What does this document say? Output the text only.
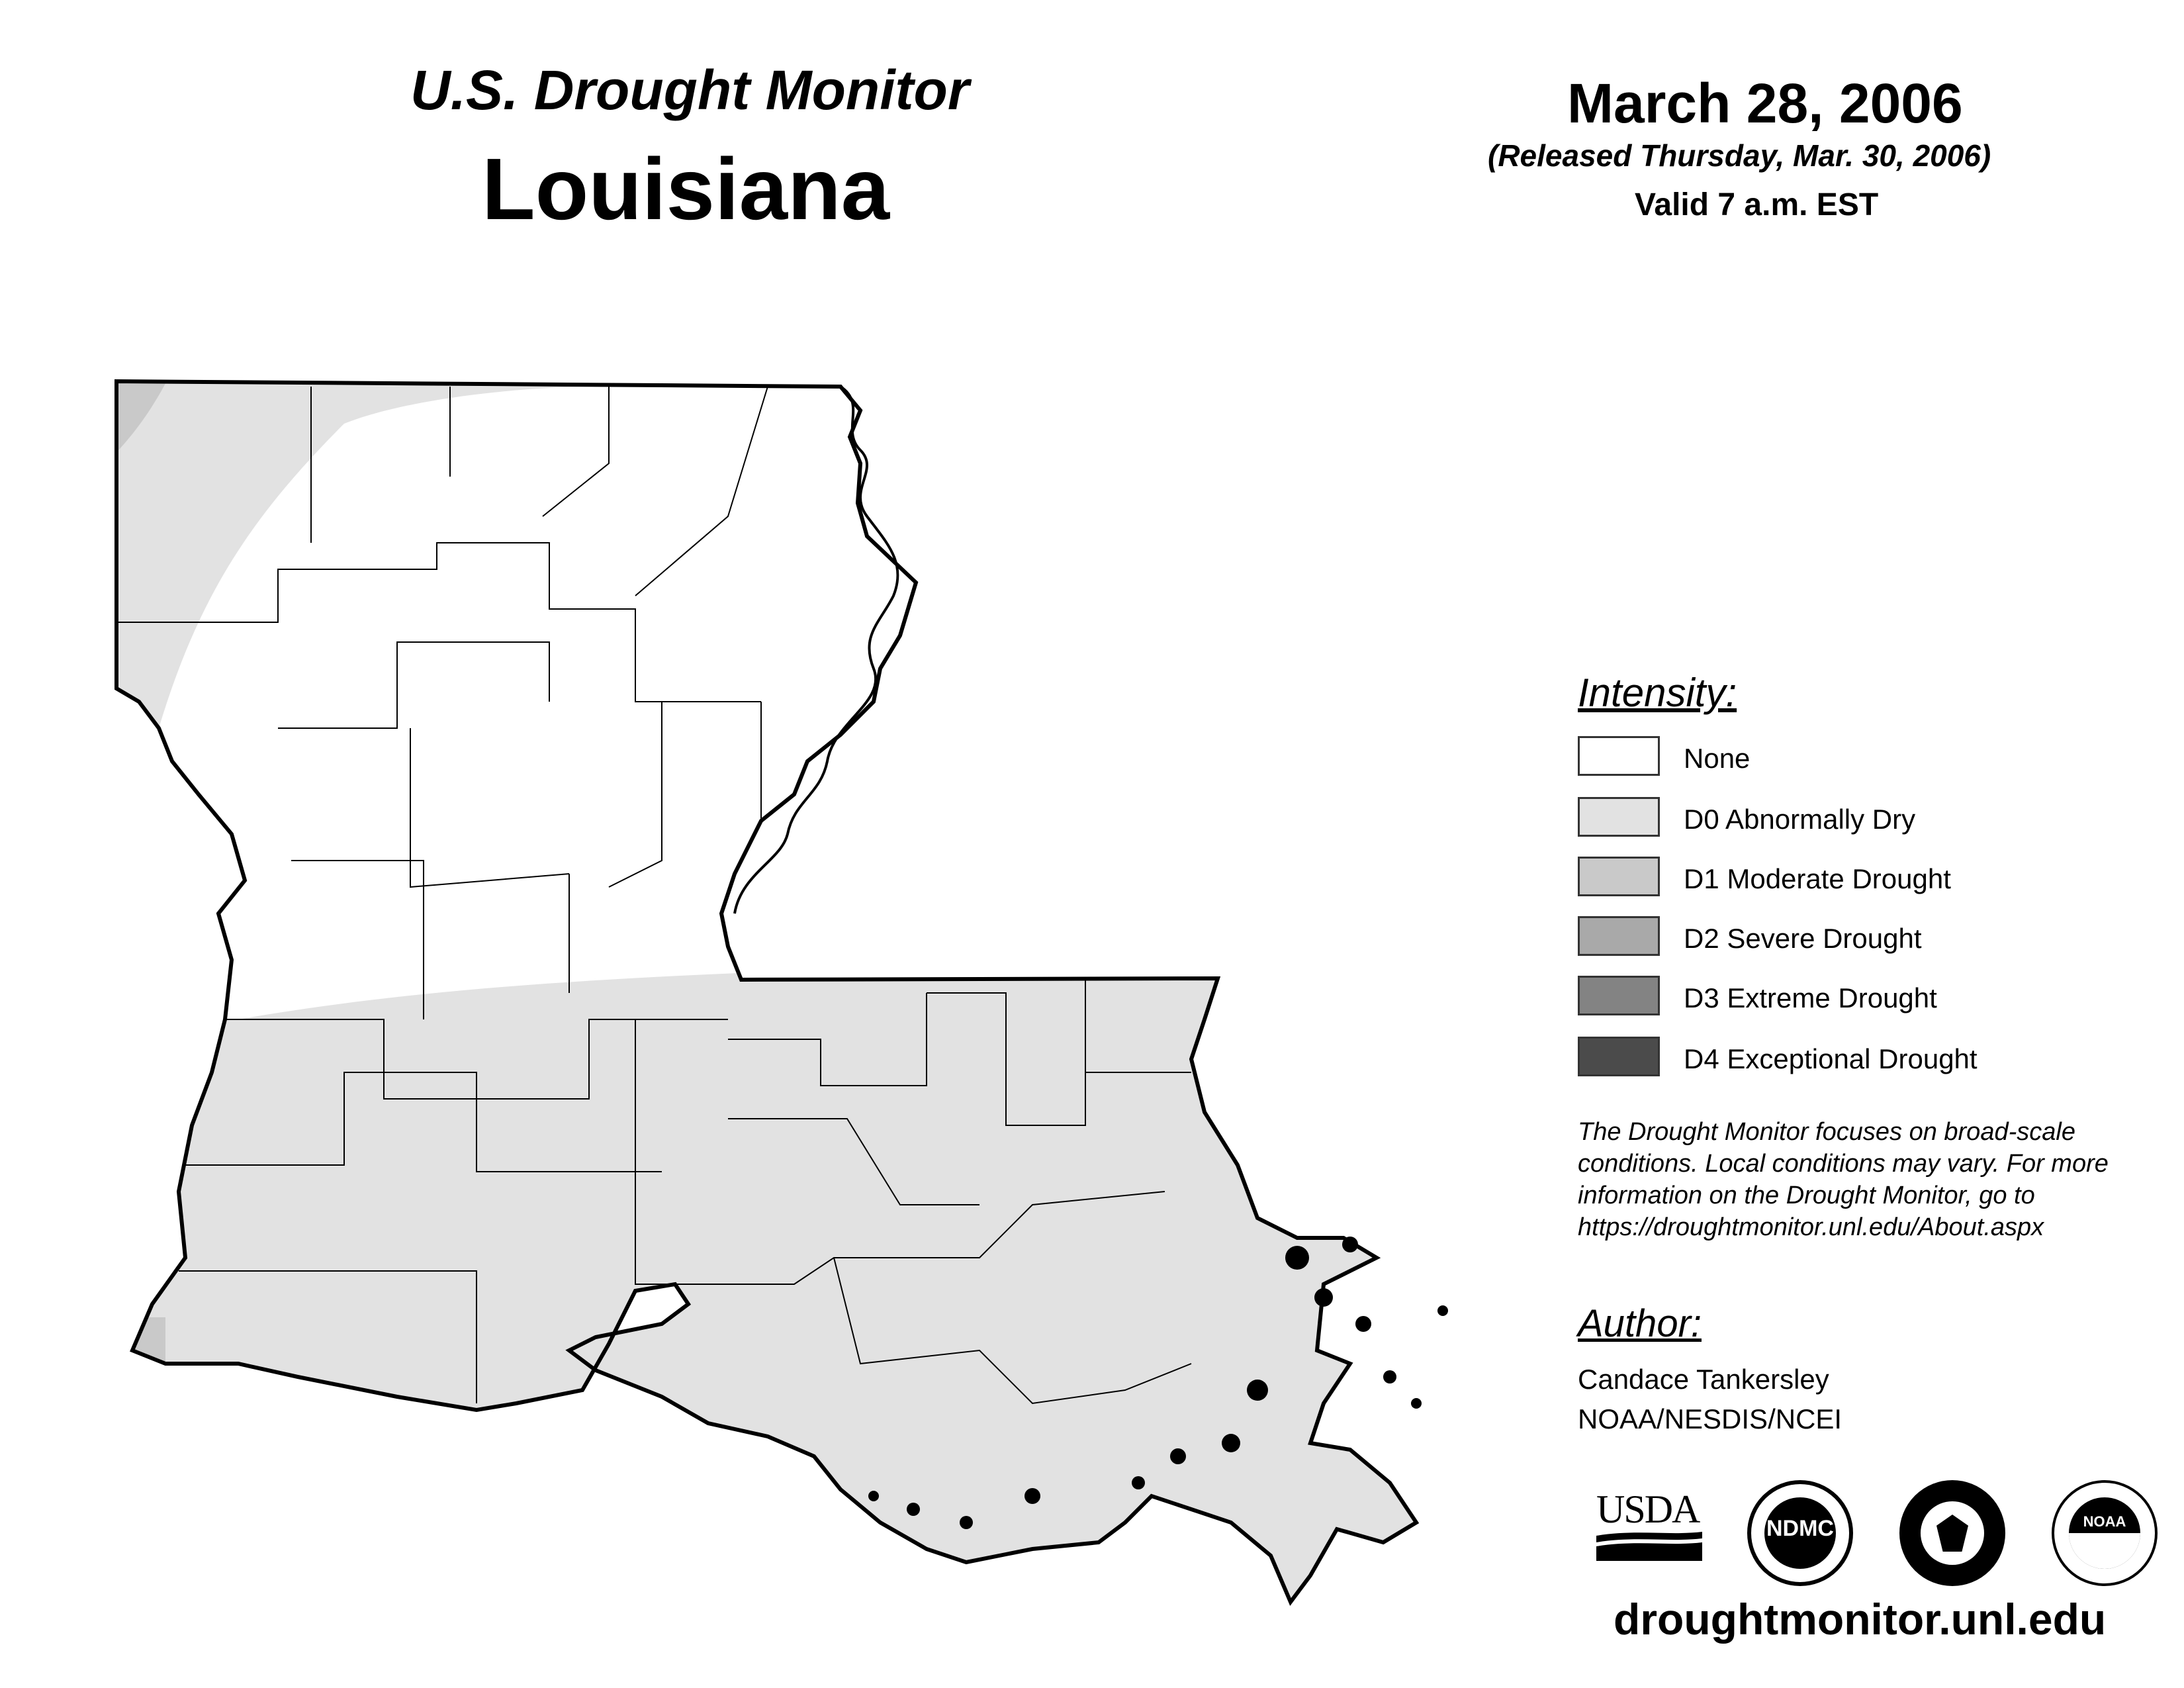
U.S. Drought Monitor
Louisiana
March 28, 2006
(Released Thursday, Mar. 30, 2006)
Valid 7 a.m. EST
Intensity:
None
D0 Abnormally Dry
D1 Moderate Drought
D2 Severe Drought
D3 Extreme Drought
D4 Exceptional Drought
The Drought Monitor focuses on broad-scale
conditions. Local conditions may vary. For more
information on the Drought Monitor, go to
https://droughtmonitor.unl.edu/About.aspx
Author:
Candace Tankersley
NOAA/NESDIS/NCEI
USDA	NDMC	NOAA
droughtmonitor.unl.edu
